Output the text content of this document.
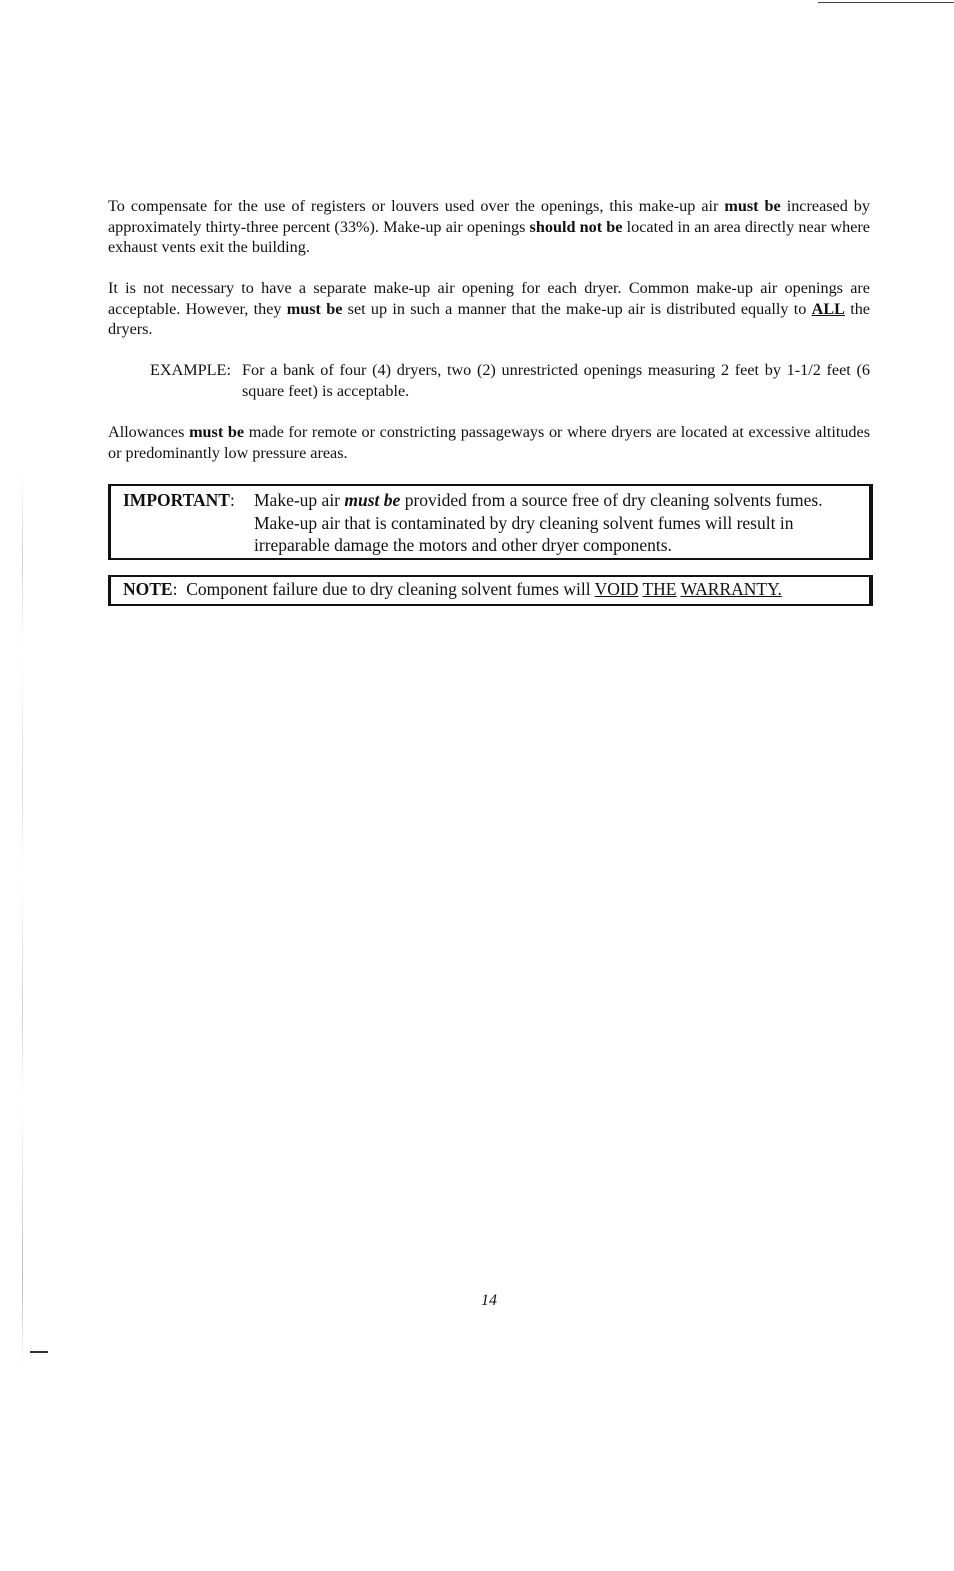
To compensate for the use of registers or louvers used over the openings, this make-up air must be increased by approximately thirty-three percent (33%). Make-up air openings should not be located in an area directly near where exhaust vents exit the building.

It is not necessary to have a separate make-up air opening for each dryer. Common make-up air openings are acceptable. However, they must be set up in such a manner that the make-up air is distributed equally to ALL the dryers.

EXAMPLE: For a bank of four (4) dryers, two (2) unrestricted openings measuring 2 feet by 1-1/2 feet (6 square feet) is acceptable.

Allowances must be made for remote or constricting passageways or where dryers are located at excessive altitudes or predominantly low pressure areas.

IMPORTANT: Make-up air must be provided from a source free of dry cleaning solvents fumes. Make-up air that is contaminated by dry cleaning solvent fumes will result in irreparable damage the motors and other dryer components.
NOTE:  Component failure due to dry cleaning solvent fumes will VOID THE WARRANTY.
14
